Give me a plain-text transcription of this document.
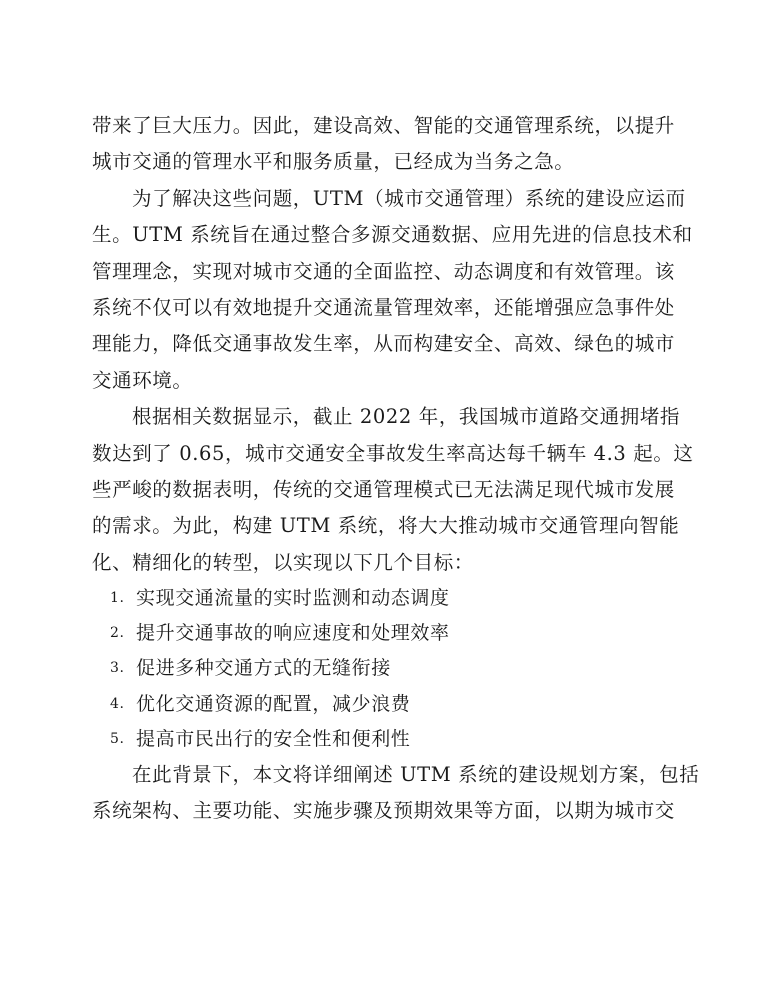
带来了巨大压力。因此，建设高效、智能的交通管理系统，以提升
城市交通的管理水平和服务质量，已经成为当务之急。
为了解决这些问题，UTM（城市交通管理）系统的建设应运而
生。UTM 系统旨在通过整合多源交通数据、应用先进的信息技术和
管理理念，实现对城市交通的全面监控、动态调度和有效管理。该
系统不仅可以有效地提升交通流量管理效率，还能增强应急事件处
理能力，降低交通事故发生率，从而构建安全、高效、绿色的城市
交通环境。
根据相关数据显示，截止 2022 年，我国城市道路交通拥堵指
数达到了 0.65，城市交通安全事故发生率高达每千辆车 4.3 起。这
些严峻的数据表明，传统的交通管理模式已无法满足现代城市发展
的需求。为此，构建 UTM 系统，将大大推动城市交通管理向智能
化、精细化的转型，以实现以下几个目标：
1. 实现交通流量的实时监测和动态调度
2. 提升交通事故的响应速度和处理效率
3. 促进多种交通方式的无缝衔接
4. 优化交通资源的配置，减少浪费
5. 提高市民出行的安全性和便利性
在此背景下，本文将详细阐述 UTM 系统的建设规划方案，包括
系统架构、主要功能、实施步骤及预期效果等方面，以期为城市交
